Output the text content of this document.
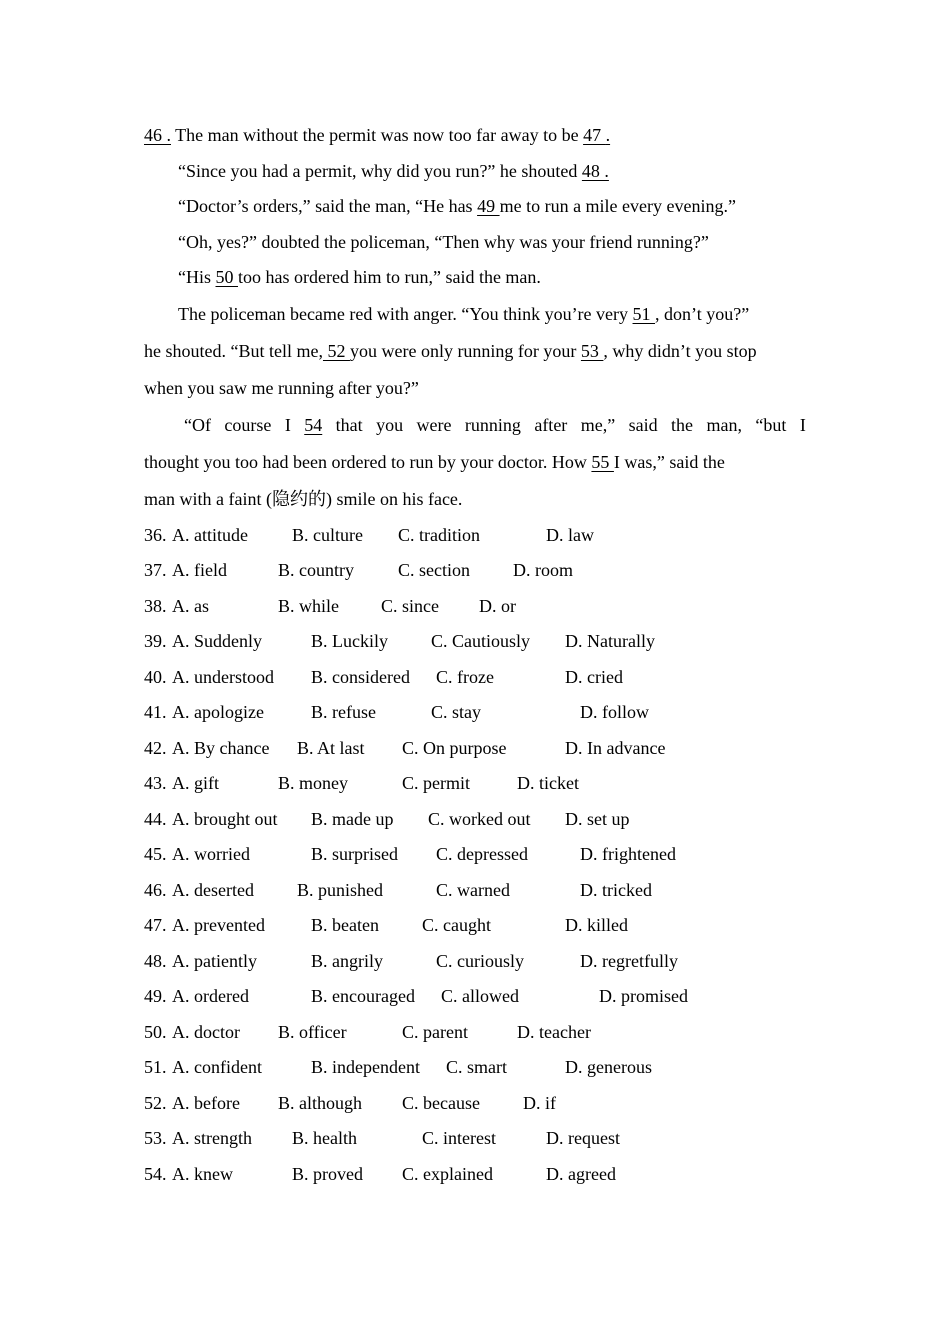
46 . The man without the permit was now too far away to be 47 .
“Since you had a permit, why did you run?” he shouted 48 .
“Doctor’s orders,” said the man, “He has 49 me to run a mile every evening.”
“Oh, yes?” doubted the policeman, “Then why was your friend running?”
“His 50 too has ordered him to run,” said the man.
The policeman became red with anger. “You think you’re very 51 , don’t you?”
he shouted. “But tell me, 52 you were only running for your 53 , why didn’t you stop
when you saw me running after you?”
“Of course I 54 that you were running after me,” said the man, “but I
thought you too had been ordered to run by your doctor. How 55 I was,” said the
man with a faint (隐约的) smile on his face.
36. A. attitude B. culture C. tradition	D. law
37. A. field	B. country C. section D. room
38. A. as	B. while C. since D. or
39. A. Suddenly	B. Luckily C. Cautiously D. Naturally
40. A. understood B. considered C. froze	D. cried
41. A. apologize	B. refuse	C. stay	D. follow
42. A. By chance B. At last C. On purpose	D. In advance
43. A. gift	B. money	C. permit	D. ticket
44. A. brought out B. made up C. worked out D. set up
45. A. worried	B. surprised C. depressed	D. frightened
46. A. deserted B. punished	C. warned	D. tricked
47. A. prevented	B. beaten C. caught	D. killed
48. A. patiently	B. angrily	C. curiously	D. regretfully
49. A. ordered	B. encouraged C. allowed	D. promised
50. A. doctor B. officer	C. parent	D. teacher
51. A. confident	B. independent C. smart	D. generous
52. A. before B. although C. because D. if
53. A. strength B. health	C. interest	D. request
54. A. knew	B. proved C. explained	D. agreed
